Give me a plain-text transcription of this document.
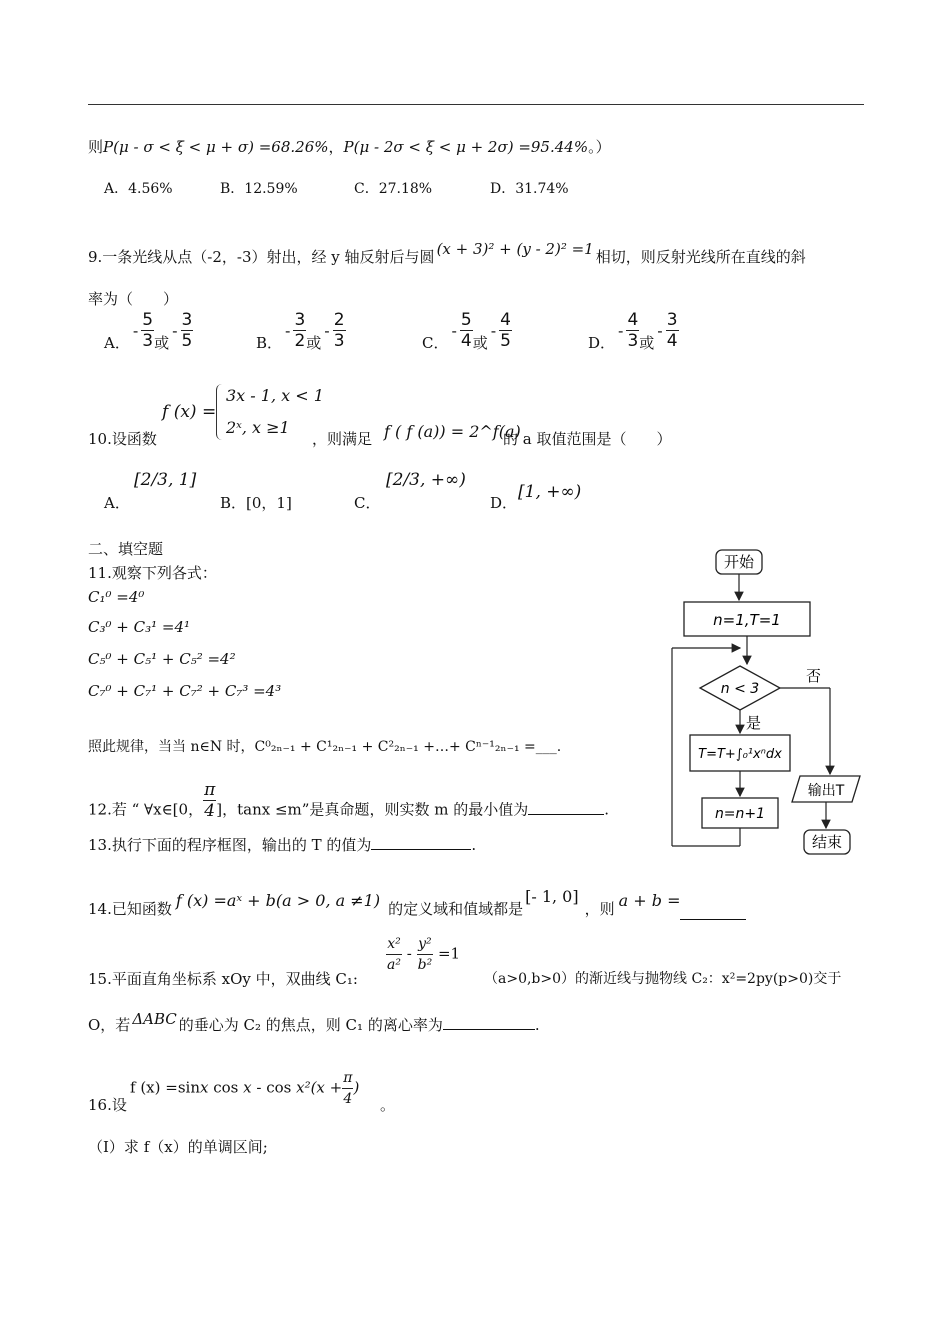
则P(μ - σ < ξ < μ + σ) =68.26%，P(μ - 2σ < ξ < μ + 2σ) =95.44%。）
A．4.56%	B．12.59%	C．27.18%	D．31.74%
9.一条光线从点（-2，-3）射出，经 y 轴反射后与圆 (x + 3)² + (y - 2)² =1 相切，则反射光线所在直线的斜
率为（　　）
A．- $\frac{5}{3}$ 或- $\frac{3}{5}$	B．- $\frac{3}{2}$ 或- $\frac{2}{3}$	C．- $\frac{5}{4}$ 或- $\frac{4}{5}$	D．- $\frac{4}{3}$ 或- $\frac{3}{4}$
10.设函数
f (x) =
3x - 1, x < 1
2ˣ, x ≥1
，则满足 f ( f (a)) = 2^f(a)
的 a 取值范围是（　　）
A．
[2/3, 1]
B．[0，1]	C．
[2/3, +∞)
D．
[1, +∞)
二、填空题
11.观察下列各式：
C₁⁰ =4⁰
C₃⁰ + C₃¹ =4¹
C₅⁰ + C₅¹ + C₅² =4²
C₇⁰ + C₇¹ + C₇² + C₇³ =4³
照此规律，当当 n∈N 时，C⁰₂ₙ₋₁ + C¹₂ₙ₋₁ + C²₂ₙ₋₁ +…+ Cⁿ⁻¹₂ₙ₋₁ =___.
12.若 “ ∀x∈[0， $\frac{\pi}{4}$ ]，tanx ≤m”是真命题，则实数 m 的最小值为	.
13.执行下面的程序框图，输出的 T 的值为	.
14.已知函数 f (x) =aˣ + b(a > 0, a ≠1) 的定义域和值域都是[- 1, 0]，则 a + b =
15.平面直角坐标系 xOy 中，双曲线 C₁:
$\frac{\text{x²}}{\text{a²}} - \frac{\text{y²}}{\text{b²}} =1$
（a>0,b>0）的渐近线与抛物线 C₂：x²=2py(p>0)交于
O，若 ΔABC 的垂心为 C₂ 的焦点，则 C₁ 的离心率为	.
16.设
f (x) =sinx $\cos x - \cos x^2(x + \frac{\pi}{4}$ )
。
（Ⅰ）求 f（x）的单调区间;
开始
n=1,T=1
n < 3
否
是
T=T+∫₀¹xⁿdx
n=n+1
输出T
结束
